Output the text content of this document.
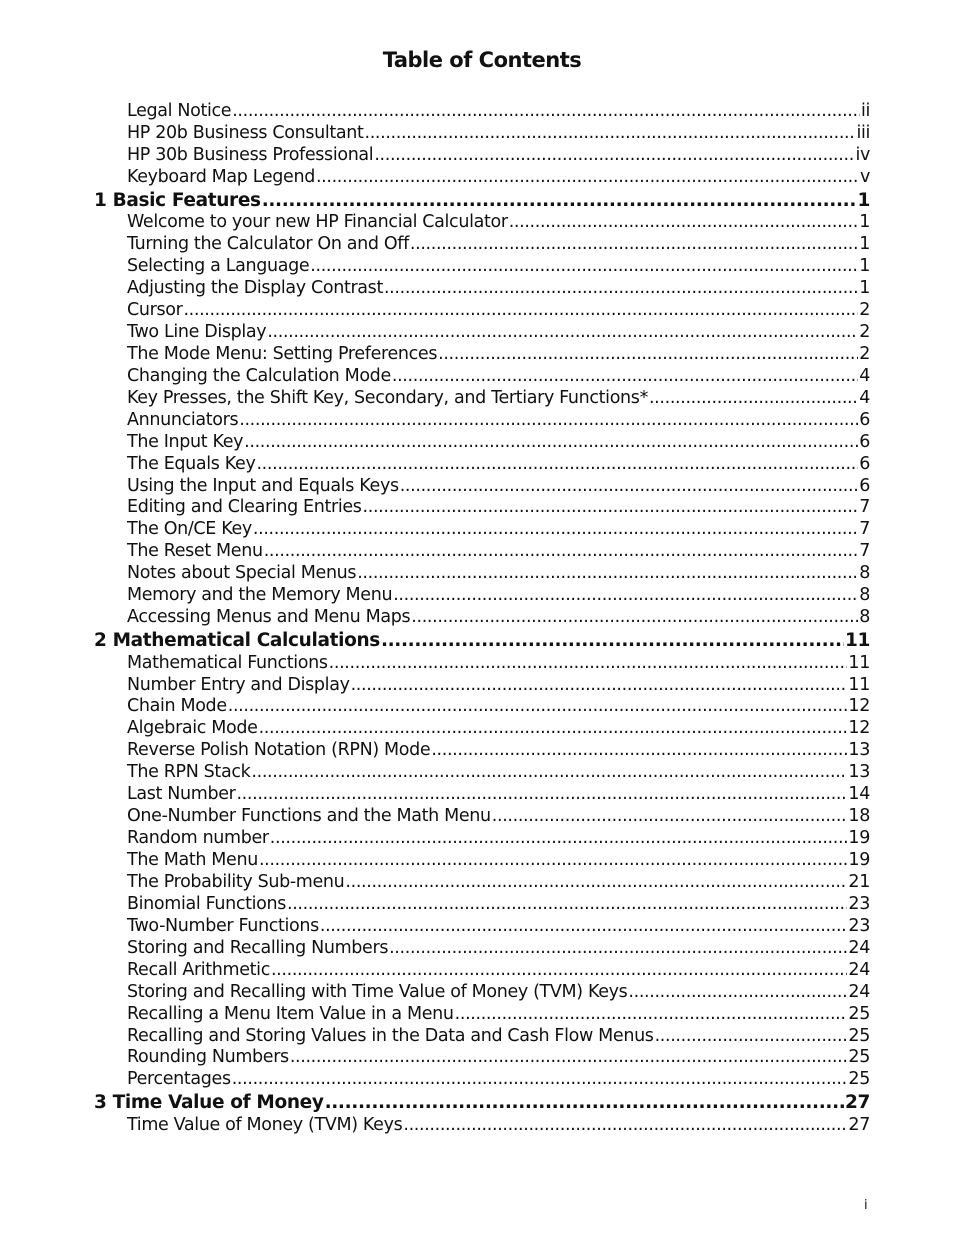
Table of Contents
Legal Notice .....	ii
HP 20b Business Consultant .....	iii
HP 30b Business Professional .....	iv
Keyboard Map Legend .....	v
1 Basic Features .....	1
Welcome to your new HP Financial Calculator .....	1
Turning the Calculator On and Off .....	1
Selecting a Language .....	1
Adjusting the Display Contrast .....	1
Cursor .....	2
Two Line Display .....	2
The Mode Menu: Setting Preferences .....	2
Changing the Calculation Mode .....	4
Key Presses, the Shift Key, Secondary, and Tertiary Functions* .....	4
Annunciators .....	6
The Input Key .....	6
The Equals Key .....	6
Using the Input and Equals Keys .....	6
Editing and Clearing Entries .....	7
The On/CE Key .....	7
The Reset Menu .....	7
Notes about Special Menus .....	8
Memory and the Memory Menu .....	8
Accessing Menus and Menu Maps .....	8
2 Mathematical Calculations .....	11
Mathematical Functions .....	11
Number Entry and Display .....	11
Chain Mode .....	12
Algebraic Mode .....	12
Reverse Polish Notation (RPN) Mode .....	13
The RPN Stack .....	13
Last Number .....	14
One-Number Functions and the Math Menu .....	18
Random number .....	19
The Math Menu .....	19
The Probability Sub-menu .....	21
Binomial Functions .....	23
Two-Number Functions .....	23
Storing and Recalling Numbers .....	24
Recall Arithmetic .....	24
Storing and Recalling with Time Value of Money (TVM) Keys .....	24
Recalling a Menu Item Value in a Menu .....	25
Recalling and Storing Values in the Data and Cash Flow Menus .....	25
Rounding Numbers .....	25
Percentages .....	25
3 Time Value of Money .....	27
Time Value of Money (TVM) Keys .....	27
i
